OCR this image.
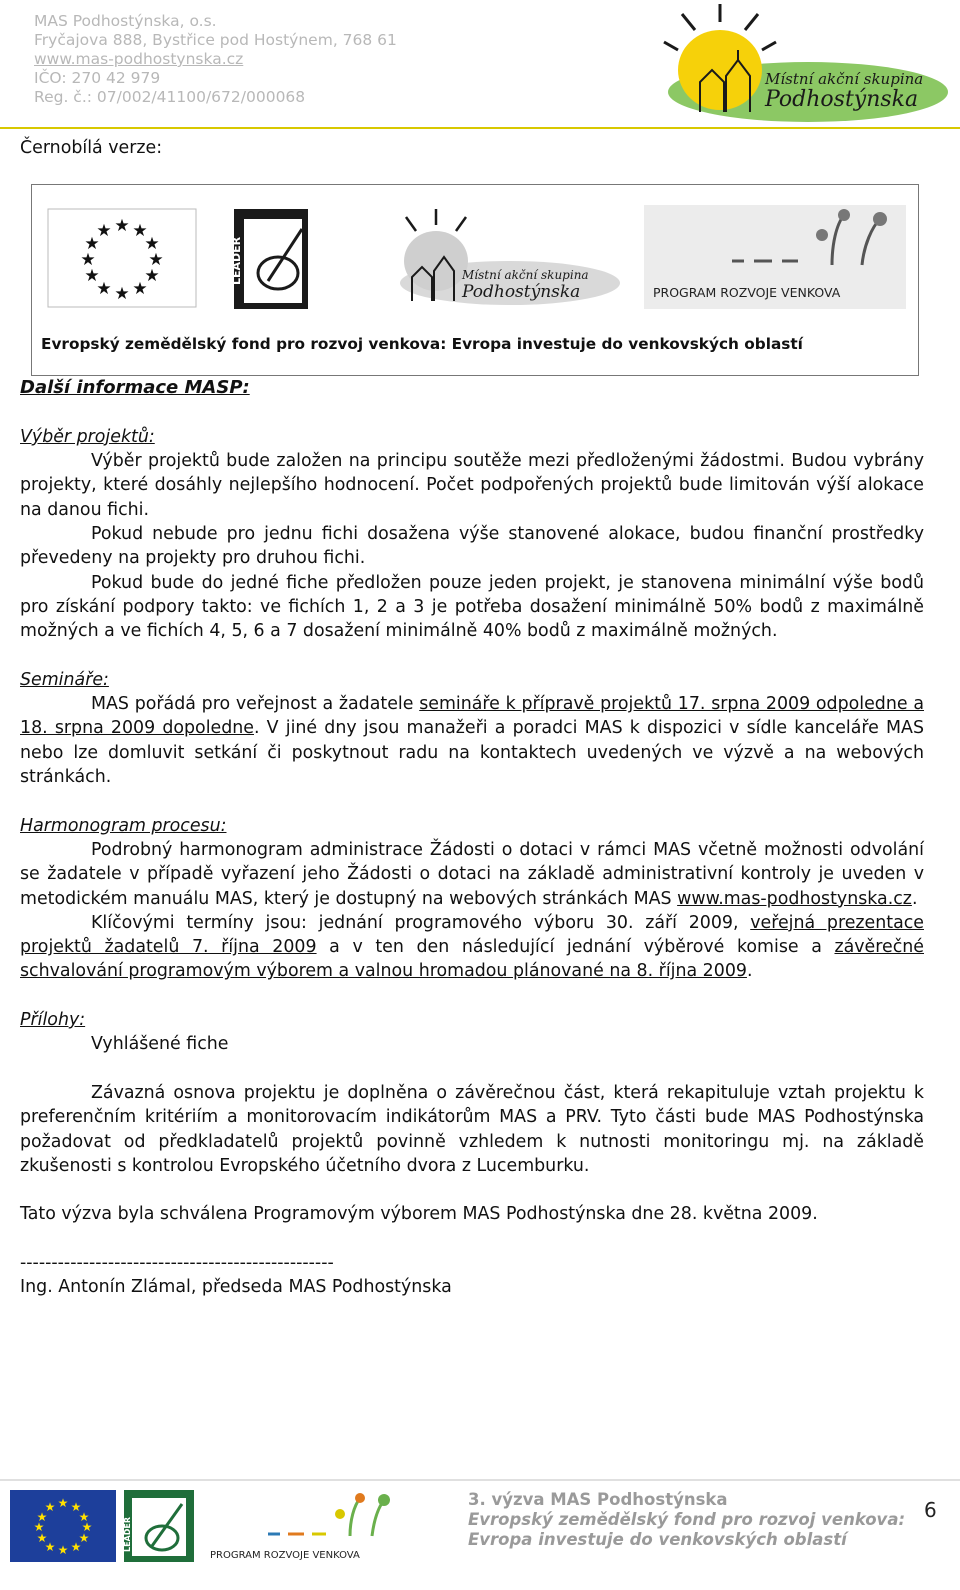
MAS Podhostýnska, o.s.
Fryčajova 888, Bystřice pod Hostýnem, 768 61
www.mas-podhostynska.cz
IČO: 270 42 979
Reg. č.: 07/002/41100/672/000068
Místní akční skupina
Podhostýnska

Černobílá verze:

★ ★
★
★
★
★
★
★
★
★
★
★
LEADER	Místní akční skupina
Podhostýnska	PROGRAM ROZVOJE VENKOVA
Evropský zemědělský fond pro rozvoj venkova: Evropa investuje do venkovských oblastí

Další informace MASP:

Výběr projektů:

Výběr projektů bude založen na principu soutěže mezi předloženými žádostmi. Budou vybrány projekty, které dosáhly nejlepšího hodnocení. Počet podpořených projektů bude limitován výší alokace na danou fichi.

Pokud nebude pro jednu fichi dosažena výše stanovené alokace, budou finanční prostředky převedeny na projekty pro druhou fichi.

Pokud bude do jedné fiche předložen pouze jeden projekt, je stanovena minimální výše bodů pro získání podpory takto: ve fichích 1, 2 a 3 je potřeba dosažení minimálně 50% bodů z maximálně možných a ve fichích 4, 5, 6 a 7 dosažení minimálně 40% bodů z maximálně možných.

Semináře:

MAS pořádá pro veřejnost a žadatele semináře k přípravě projektů 17. srpna 2009 odpoledne a 18. srpna 2009 dopoledne. V jiné dny jsou manažeři a poradci MAS k dispozici v sídle kanceláře MAS nebo lze domluvit setkání či poskytnout radu na kontaktech uvedených ve výzvě a na webových stránkách.

Harmonogram procesu:

Podrobný harmonogram administrace Žádosti o dotaci v rámci MAS včetně možnosti odvolání se žadatele v případě vyřazení jeho Žádosti o dotaci na základě administrativní kontroly je uveden v metodickém manuálu MAS, který je dostupný na webových stránkách MAS www.mas-podhostynska.cz.

Klíčovými termíny jsou: jednání programového výboru 30. září 2009, veřejná prezentace projektů žadatelů 7. října 2009 a v ten den následující jednání výběrové komise a závěrečné schvalování programovým výborem a valnou hromadou plánované na 8. října 2009.

Přílohy:

Vyhlášené fiche

Závazná osnova projektu je doplněna o závěrečnou část, která rekapituluje vztah projektu k preferenčním kritériím a monitorovacím indikátorům MAS a PRV. Tyto části bude MAS Podhostýnska požadovat od předkladatelů projektů povinně vzhledem k nutnosti monitoringu mj. na základě zkušenosti s kontrolou Evropského účetního dvora z Lucemburku.

Tato výzva byla schválena Programovým výborem MAS Podhostýnska dne 28. května 2009.

--------------------------------------------------

Ing. Antonín Zlámal, předseda MAS Podhostýnska

★ ★
★
★
★
★
★
★
★
★
★
★
LEADER
PROGRAM ROZVOJE VENKOVA
3. výzva MAS Podhostýnska
Evropský zemědělský fond pro rozvoj venkova:
Evropa investuje do venkovských oblastí
6
